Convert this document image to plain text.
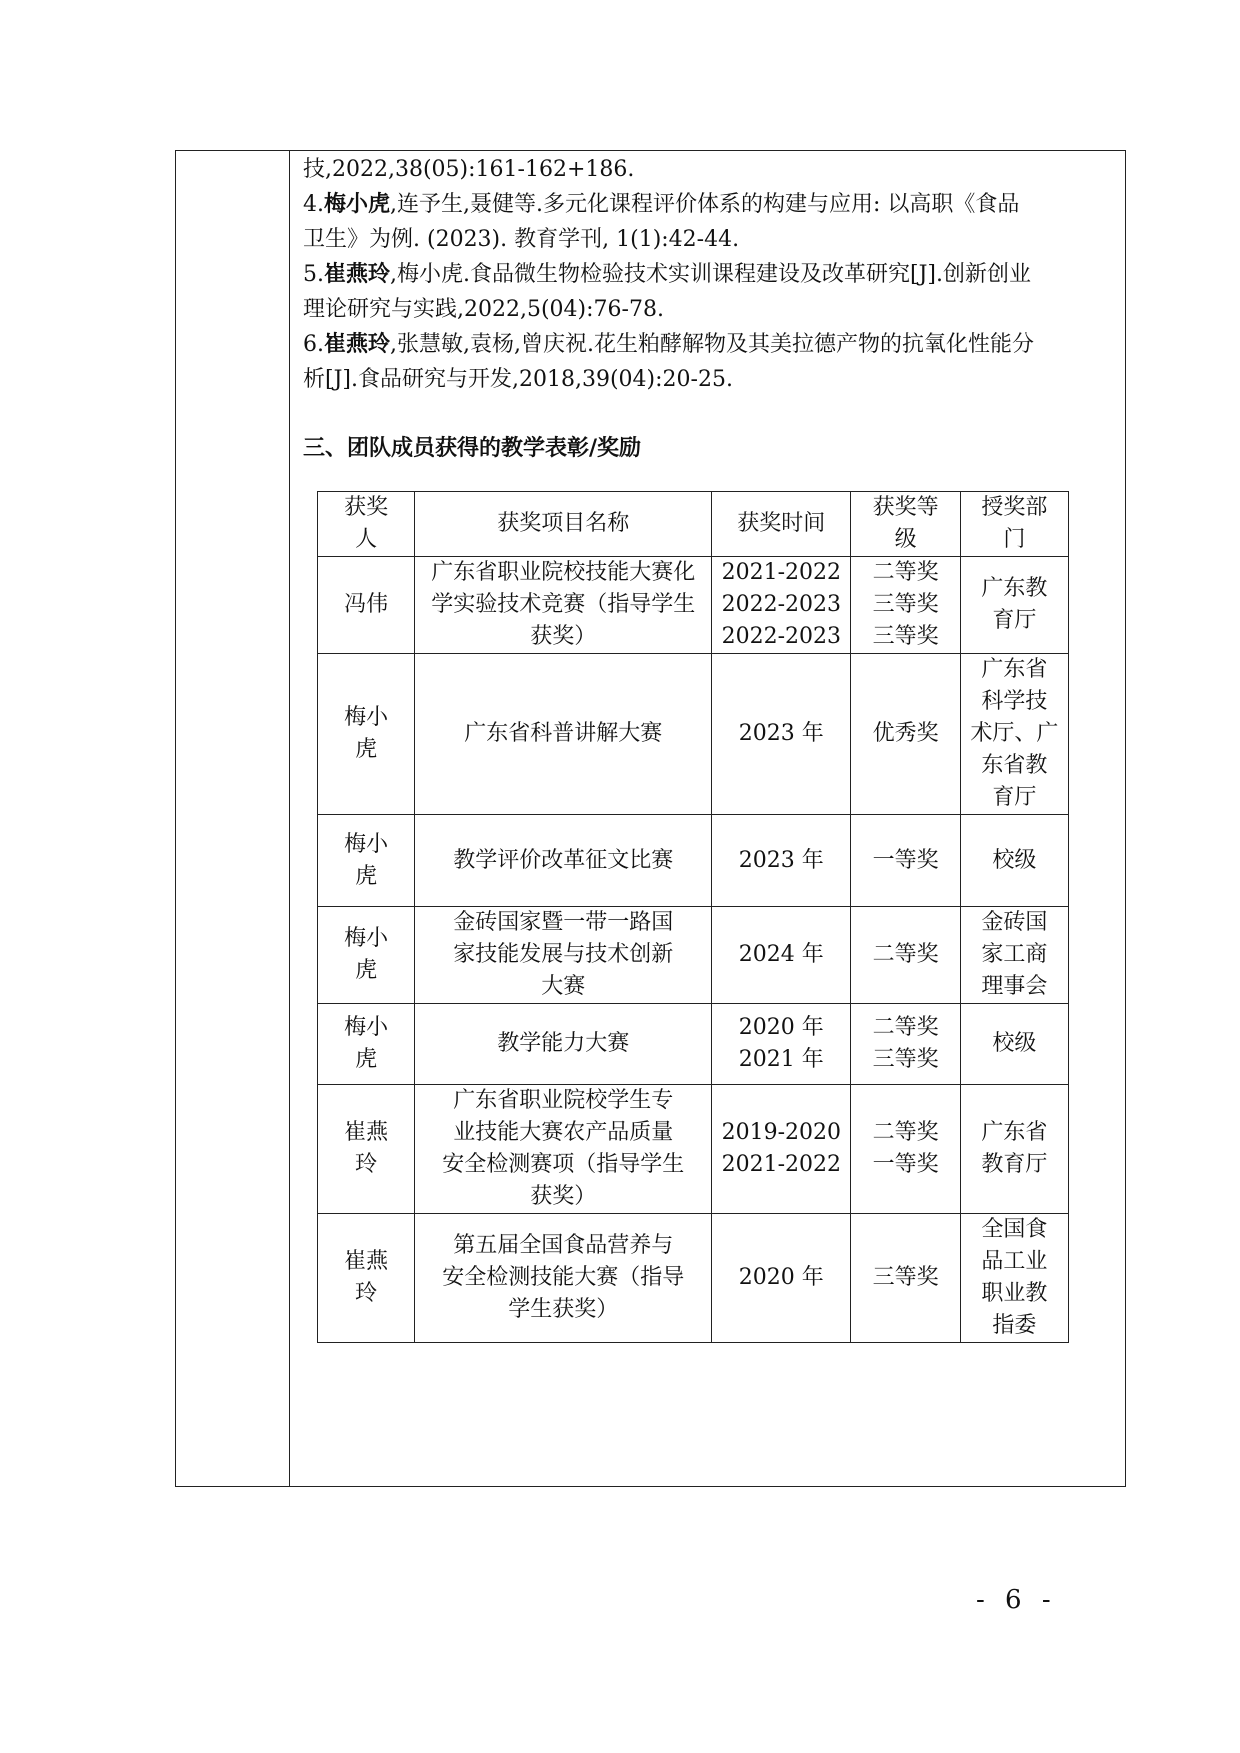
技,2022,38(05):161-162+186.
4.梅小虎,连予生,聂健等.多元化课程评价体系的构建与应用: 以高职《食品
卫生》为例. (2023). 教育学刊, 1(1):42-44.
5.崔燕玲,梅小虎.食品微生物检验技术实训课程建设及改革研究[J].创新创业
理论研究与实践,2022,5(04):76-78.
6.崔燕玲,张慧敏,袁杨,曾庆祝.花生粕酵解物及其美拉德产物的抗氧化性能分
析[J].食品研究与开发,2018,39(04):20-25.
三、团队成员获得的教学表彰/奖励
获奖
人	获奖项目名称	获奖时间	获奖等
级	授奖部
门

冯伟	广东省职业院校技能大赛化
学实验技术竞赛（指导学生
获奖）	2021-2022
2022-2023
2022-2023	二等奖
三等奖
三等奖	广东教
育厅

梅小
虎	广东省科普讲解大赛	2023 年	优秀奖	广东省
科学技
术厅、广
东省教
育厅

梅小
虎	教学评价改革征文比赛	2023 年	一等奖	校级

梅小
虎	金砖国家暨一带一路国
家技能发展与技术创新
大赛	2024 年	二等奖	金砖国
家工商
理事会

梅小
虎	教学能力大赛	2020 年
2021 年	二等奖
三等奖	校级

崔燕
玲	广东省职业院校学生专
业技能大赛农产品质量
安全检测赛项（指导学生
获奖）	2019-2020
2021-2022	二等奖
一等奖	广东省
教育厅

崔燕
玲	第五届全国食品营养与
安全检测技能大赛（指导
学生获奖）	2020 年	三等奖	全国食
品工业
职业教
指委
- 6 -
